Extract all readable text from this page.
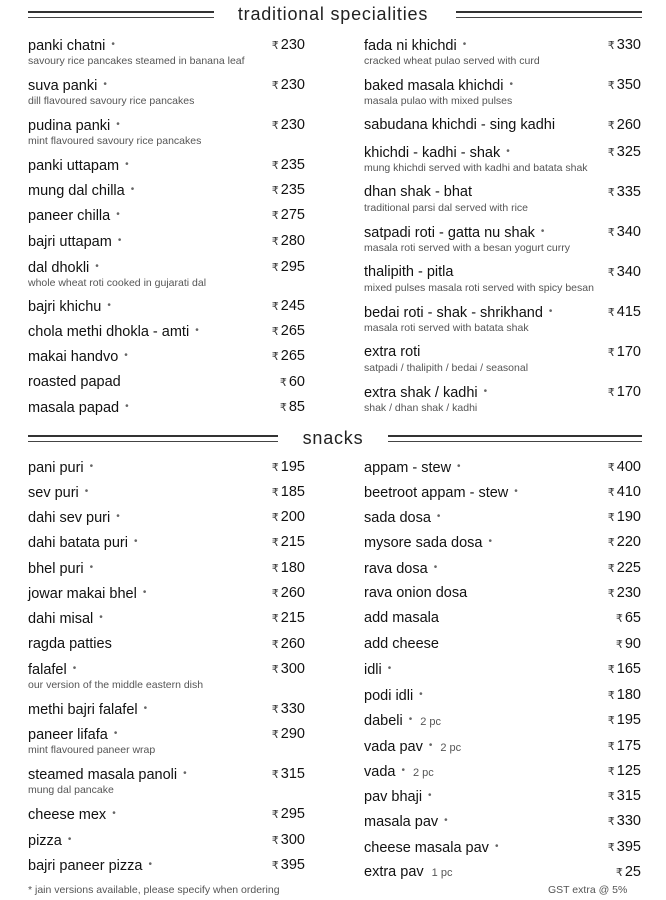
traditional specialities
panki chatni •	₹ 230
savoury rice pancakes steamed in banana leaf
suva panki •	₹ 230
dill flavoured savoury rice pancakes
pudina panki •	₹ 230
mint flavoured savoury rice pancakes
panki uttapam •	₹ 235
mung dal chilla •	₹ 235
paneer chilla •	₹ 275
bajri uttapam •	₹ 280
dal dhokli •	₹ 295
whole wheat roti cooked in gujarati dal
bajri khichu •	₹ 245
chola methi dhokla - amti •	₹ 265
makai handvo •	₹ 265
roasted papad	₹ 60
masala papad •	₹ 85
fada ni khichdi •	₹ 330
cracked wheat pulao served with curd
baked masala khichdi •	₹ 350
masala pulao with mixed pulses
sabudana khichdi - sing kadhi	₹ 260
khichdi - kadhi - shak •	₹ 325
mung khichdi served with kadhi and batata shak
dhan shak - bhat	₹ 335
traditional parsi dal served with rice
satpadi roti - gatta nu shak •	₹ 340
masala roti served with a besan yogurt curry
thalipith - pitla	₹ 340
mixed pulses masala roti served with spicy besan
bedai roti - shak - shrikhand •	₹ 415
masala roti served with batata shak
extra roti	₹ 170
satpadi / thalipith / bedai / seasonal
extra shak / kadhi •	₹ 170
shak / dhan shak / kadhi
snacks
pani puri •	₹ 195
sev puri •	₹ 185
dahi sev puri •	₹ 200
dahi batata puri •	₹ 215
bhel puri •	₹ 180
jowar makai bhel •	₹ 260
dahi misal •	₹ 215
ragda patties	₹ 260
falafel •	₹ 300
our version of the middle eastern dish
methi bajri falafel •	₹ 330
paneer lifafa •	₹ 290
mint flavoured paneer wrap
steamed masala panoli •	₹ 315
mung dal pancake
cheese mex •	₹ 295
pizza •	₹ 300
bajri paneer pizza •	₹ 395
appam - stew •	₹ 400
beetroot appam - stew •	₹ 410
sada dosa •	₹ 190
mysore sada dosa •	₹ 220
rava dosa •	₹ 225
rava onion dosa	₹ 230
add masala	₹ 65
add cheese	₹ 90
idli •	₹ 165
podi idli •	₹ 180
dabeli • 2 pc	₹ 195
vada pav • 2 pc	₹ 175
vada • 2 pc	₹ 125
pav bhaji •	₹ 315
masala pav •	₹ 330
cheese masala pav •	₹ 395
extra pav 1 pc	₹ 25
* jain versions available, please specify when ordering	GST extra @ 5%
